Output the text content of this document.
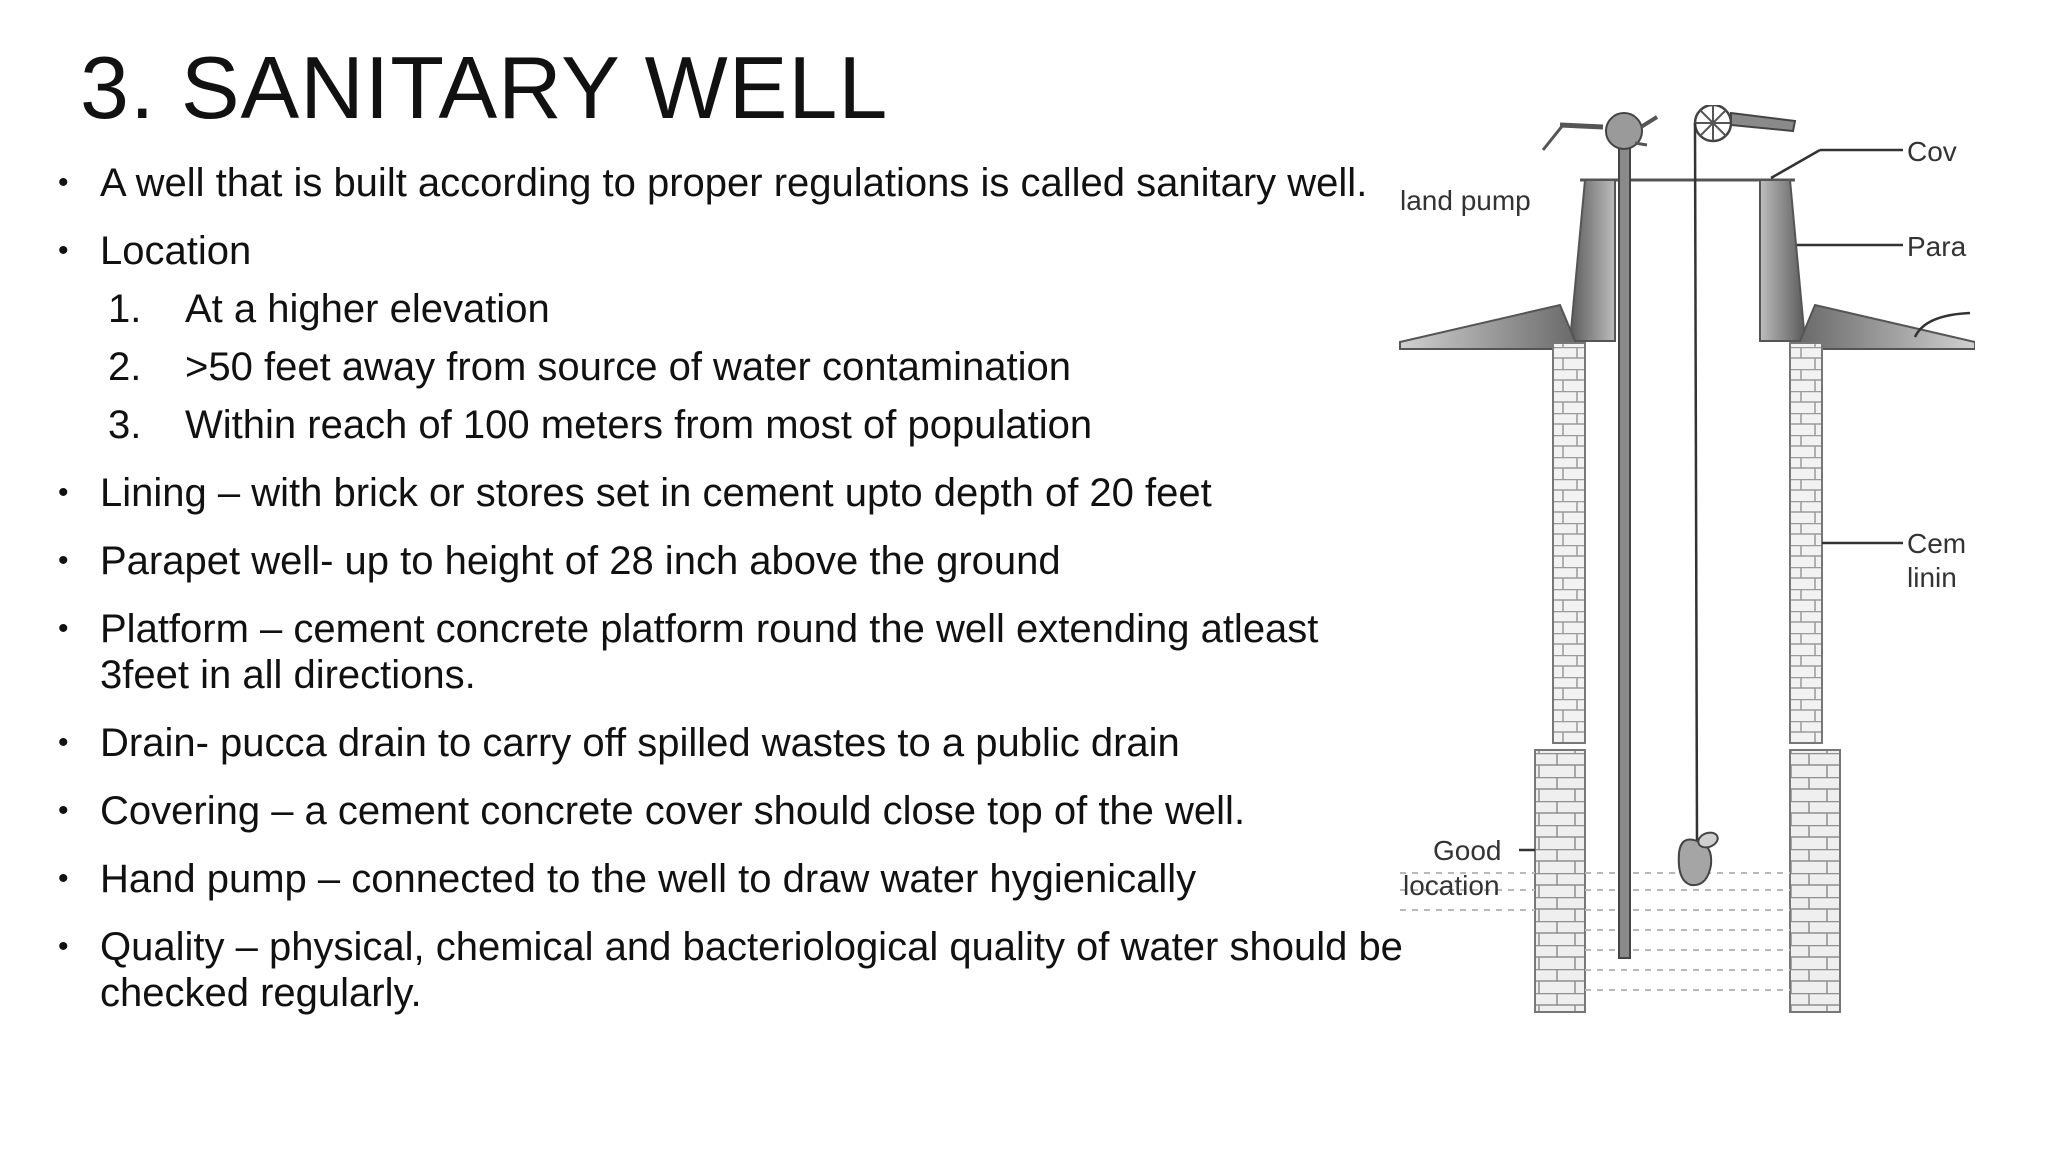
3. SANITARY WELL
• A well that is built according to proper regulations is called sanitary well.
• Location
1. At a higher elevation
2. >50 feet away from source of water contamination
3. Within reach of 100 meters from most of population
• Lining – with brick or stores set in cement upto depth of 20 feet
• Parapet well- up to height of 28 inch above the ground
• Platform – cement concrete platform round the well extending atleast 3feet in all directions.
• Drain- pucca drain to carry off spilled wastes to a public drain
• Covering – a cement concrete cover should close top of the well.
• Hand pump – connected to the well to draw water hygienically
• Quality – physical, chemical and bacteriological quality of water should be checked regularly.
land pump
Cov
Para
Cem
linin
Good
location
